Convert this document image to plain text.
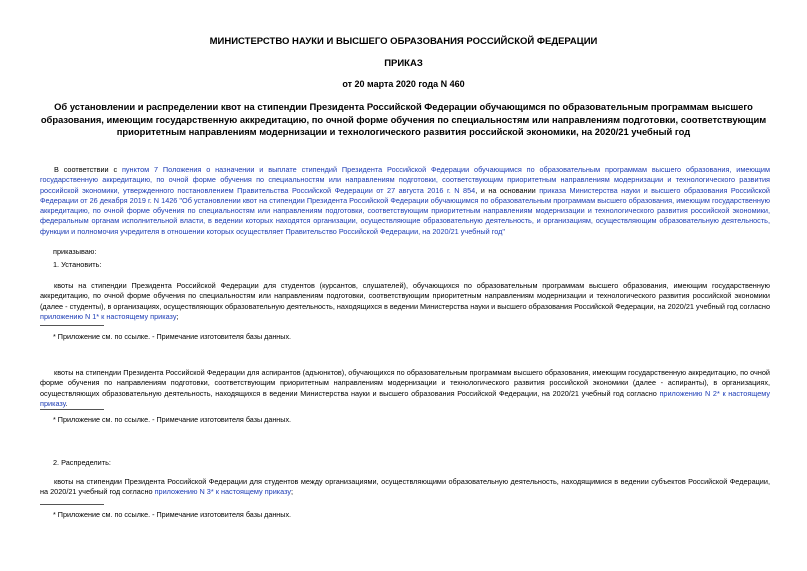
МИНИСТЕРСТВО НАУКИ И ВЫСШЕГО ОБРАЗОВАНИЯ РОССИЙСКОЙ ФЕДЕРАЦИИ
ПРИКАЗ
от 20 марта 2020 года N 460
Об установлении и распределении квот на стипендии Президента Российской Федерации обучающимся по образовательным программам высшего образования, имеющим государственную аккредитацию, по очной форме обучения по специальностям или направлениям подготовки, соответствующим приоритетным направлениям модернизации и технологического развития российской экономики, на 2020/21 учебный год
В соответствии с пунктом 7 Положения о назначении и выплате стипендий Президента Российской Федерации обучающимся по образовательным программам высшего образования, имеющим государственную аккредитацию, по очной форме обучения по специальностям или направлениям подготовки, соответствующим приоритетным направлениям модернизации и технологического развития российской экономики, утвержденного постановлением Правительства Российской Федерации от 27 августа 2016 г. N 854, и на основании приказа Министерства науки и высшего образования Российской Федерации от 26 декабря 2019 г. N 1426 "Об установлении квот на стипендии Президента Российской Федерации обучающимся по образовательным программам высшего образования, имеющим государственную аккредитацию, по очной форме обучения по специальностям или направлениям подготовки, соответствующим приоритетным направлениям модернизации и технологического развития российской экономики, федеральным органам исполнительной власти, в ведении которых находятся организации, осуществляющие образовательную деятельность, и организациям, осуществляющим образовательную деятельность, функции и полномочия учредителя в отношении которых осуществляет Правительство Российской Федерации, на 2020/21 учебный год"
приказываю:
1. Установить:
квоты на стипендии Президента Российской Федерации для студентов (курсантов, слушателей), обучающихся по образовательным программам высшего образования, имеющим государственную аккредитацию, по очной форме обучения по специальностям или направлениям подготовки, соответствующим приоритетным направлениям модернизации и технологического развития российской экономики (далее - студенты), в организациях, осуществляющих образовательную деятельность, находящихся в ведении Министерства науки и высшего образования Российской Федерации, на 2020/21 учебный год согласно приложению N 1* к настоящему приказу;
* Приложение см. по ссылке. - Примечание изготовителя базы данных.
квоты на стипендии Президента Российской Федерации для аспирантов (адъюнктов), обучающихся по образовательным программам высшего образования, имеющим государственную аккредитацию, по очной форме обучения по направлениям подготовки, соответствующим приоритетным направлениям модернизации и технологического развития российской экономики (далее - аспиранты), в организациях, осуществляющих образовательную деятельность, находящихся в ведении Министерства науки и высшего образования Российской Федерации, на 2020/21 учебный год согласно приложению N 2* к настоящему приказу.
* Приложение см. по ссылке. - Примечание изготовителя базы данных.
2. Распределить:
квоты на стипендии Президента Российской Федерации для студентов между организациями, осуществляющими образовательную деятельность, находящимися в ведении субъектов Российской Федерации, на 2020/21 учебный год согласно приложению N 3* к настоящему приказу;
* Приложение см. по ссылке. - Примечание изготовителя базы данных.
